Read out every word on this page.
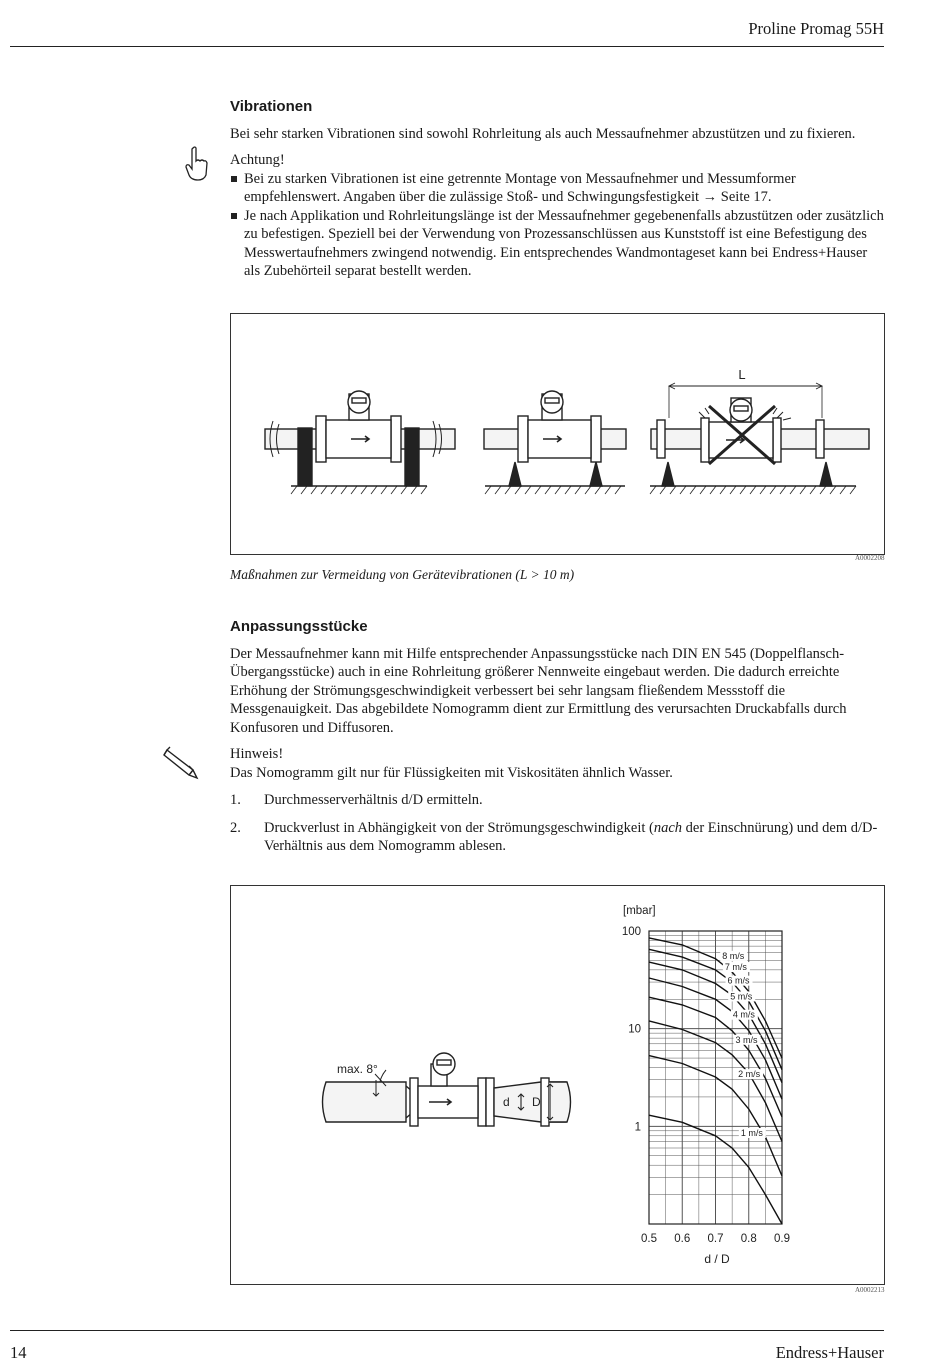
Proline Promag 55H
Vibrationen

Bei sehr starken Vibrationen sind sowohl Rohrleitung als auch Messaufnehmer abzustützen und zu fixieren.

Achtung!

Bei zu starken Vibrationen ist eine getrennte Montage von Messaufnehmer und Messumformer empfehlenswert. Angaben über die zulässige Stoß- und Schwingungsfestigkeit → Seite 17.
Je nach Applikation und Rohrleitungslänge ist der Messaufnehmer gegebenenfalls abzustützen oder zusätzlich zu befestigen. Speziell bei der Verwendung von Prozessanschlüssen aus Kunststoff ist eine Befestigung des Messwertaufnehmers zwingend notwendig. Ein entsprechendes Wandmontageset kann bei Endress+Hauser als Zubehörteil separat bestellt werden.
L
A0002208
Maßnahmen zur Vermeidung von Gerätevibrationen (L > 10 m)
Anpassungsstücke

Der Messaufnehmer kann mit Hilfe entsprechender Anpassungsstücke nach DIN EN 545 (Doppelflansch-Übergangsstücke) auch in eine Rohrleitung größerer Nennweite eingebaut werden. Die dadurch erreichte Erhöhung der Strömungsgeschwindigkeit verbessert bei sehr langsam fließendem Messstoff die Messgenauigkeit. Das abgebildete Nomogramm dient zur Ermittlung des verursachten Druckabfalls durch Konfusoren und Diffusoren.

Hinweis!

Das Nomogramm gilt nur für Flüssigkeiten mit Viskositäten ähnlich Wasser.

1. Durchmesserverhältnis d/D ermitteln.
2. Druckverlust in Abhängigkeit von der Strömungsgeschwindigkeit (nach der Einschnürung) und dem d/D-Verhältnis aus dem Nomogramm ablesen.
max. 8°
d D
[mbar]
d / D
1
10
100
0.5 0.6 0.7 0.8 0.9
8 m/s
7 m/s
6 m/s
5 m/s
4 m/s
3 m/s
2 m/s
1 m/s
A0002213
14	Endress+Hauser
